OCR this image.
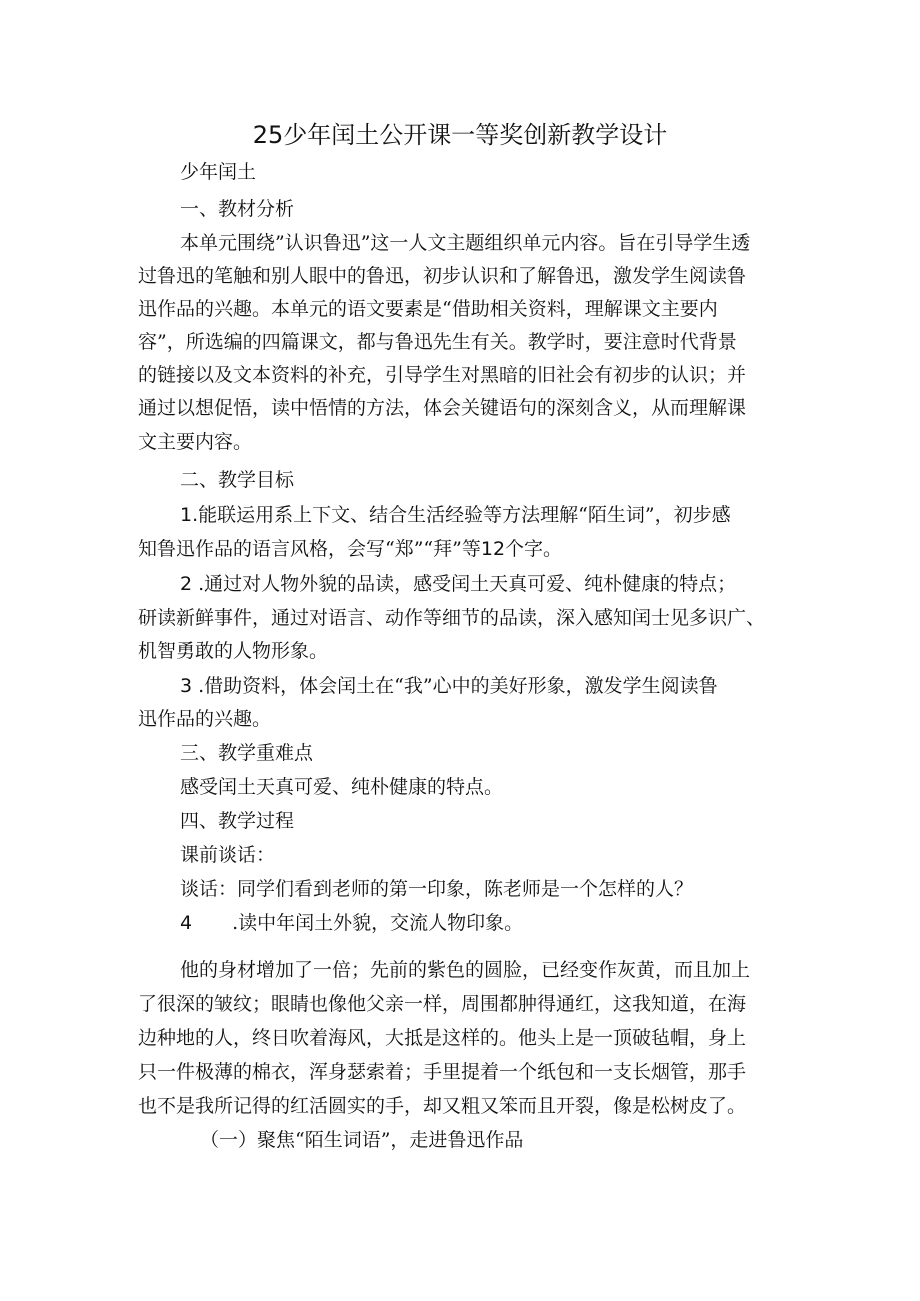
25少年闰土公开课一等奖创新教学设计

少年闰土

一、教材分析

本单元围绕”认识鲁迅”这一人文主题组织单元内容。旨在引导学生透

过鲁迅的笔触和别人眼中的鲁迅，初步认识和了解鲁迅，激发学生阅读鲁

迅作品的兴趣。本单元的语文要素是“借助相关资料，理解课文主要内

容”，所选编的四篇课文，都与鲁迅先生有关。教学时，要注意时代背景

的链接以及文本资料的补充，引导学生对黑暗的旧社会有初步的认识；并

通过以想促悟，读中悟情的方法，体会关键语句的深刻含义，从而理解课

文主要内容。

二、教学目标

1.能联运用系上下文、结合生活经验等方法理解“陌生词”，初步感

知鲁迅作品的语言风格，会写“郑”“拜”等12个字。

2 .通过对人物外貌的品读，感受闰土天真可爱、纯朴健康的特点；

研读新鲜事件，通过对语言、动作等细节的品读，深入感知闰士见多识广、

机智勇敢的人物形象。

3 .借助资料，体会闰土在“我”心中的美好形象，激发学生阅读鲁

迅作品的兴趣。

三、教学重难点

感受闰土天真可爱、纯朴健康的特点。

四、教学过程

课前谈话：

谈话：同学们看到老师的第一印象，陈老师是一个怎样的人？

4 .读中年闰土外貌，交流人物印象。

他的身材增加了一倍；先前的紫色的圆脸，已经变作灰黄，而且加上

了很深的皱纹；眼睛也像他父亲一样，周围都肿得通红，这我知道，在海

边种地的人，终日吹着海风，大抵是这样的。他头上是一顶破毡帽，身上

只一件极薄的棉衣，浑身瑟索着；手里提着一个纸包和一支长烟管，那手

也不是我所记得的红活圆实的手，却又粗又笨而且开裂，像是松树皮了。

（一）聚焦“陌生词语”，走进鲁迅作品
